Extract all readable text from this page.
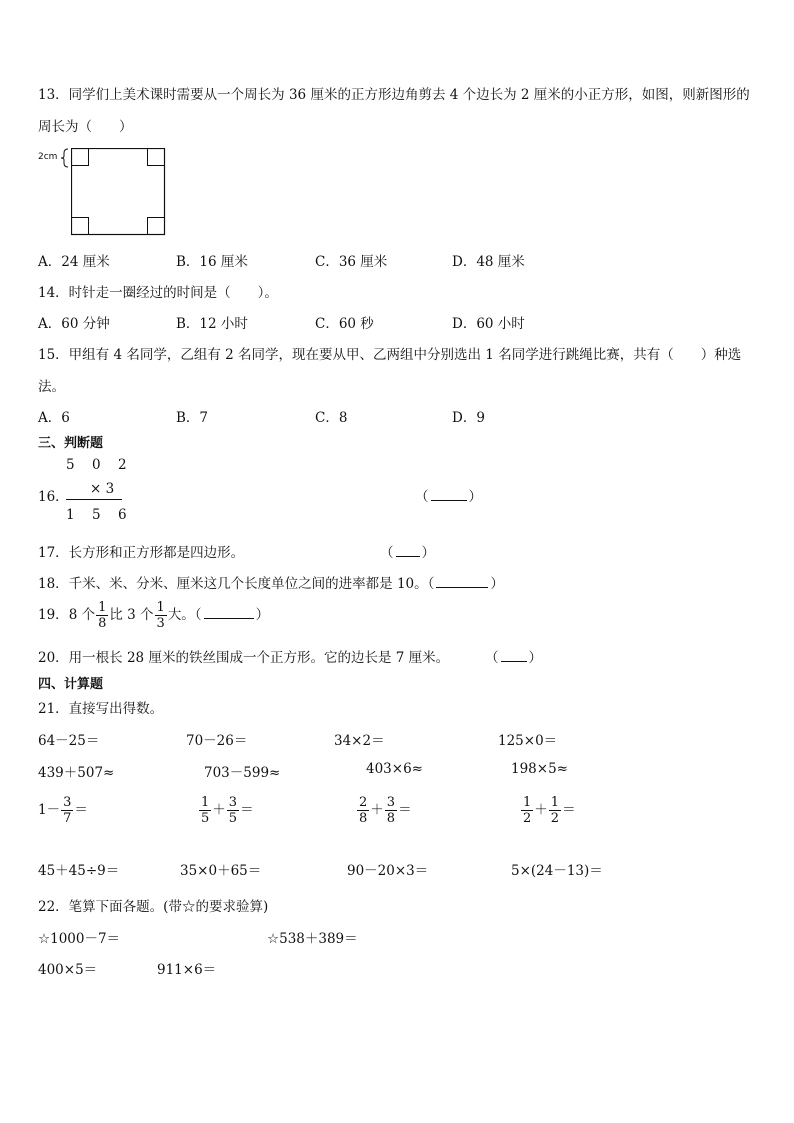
13．同学们上美术课时需要从一个周长为 36 厘米的正方形边角剪去 4 个边长为 2 厘米的小正方形，如图，则新图形的
周长为（　　）
2cm
A．24 厘米	B．16 厘米	C．36 厘米	D．48 厘米
14．时针走一圈经过的时间是（　　）。
A．60 分钟	B．12 小时	C．60 秒	D．60 小时
15．甲组有 4 名同学，乙组有 2 名同学，现在要从甲、乙两组中分别选出 1 名同学进行跳绳比赛，共有（　　）种选
法。
A．6	B．7	C．8	D．9
三、判断题
5 0 2
16． × 3
1 5 6
（	）
17．长方形和正方形都是四边形。	（ ）
18．千米、米、分米、厘米这几个长度单位之间的进率都是 10。（	）
19．8 个 $\frac{1}{8}$ 比 3 个 $\frac{1}{3}$ 大。（	）
20．用一根长 28 厘米的铁丝围成一个正方形。它的边长是 7 厘米。	（ ）
四、计算题
21．直接写出得数。
64－25＝	70－26＝	34×2＝	125×0＝
439＋507≈	703－599≈	403×6≈	198×5≈
$1- \frac{3}{7}$ ＝	$\frac{1}{5} + \frac{3}{5}$ ＝	$\frac{2}{8} + \frac{3}{8}$ ＝	$\frac{1}{2} + \frac{1}{2}$ ＝
45＋45÷9＝	35×0＋65＝	90－20×3＝	5×(24－13)＝
22．笔算下面各题。(带☆的要求验算)
☆1000－7＝	☆538＋389＝
400×5＝	911×6＝
